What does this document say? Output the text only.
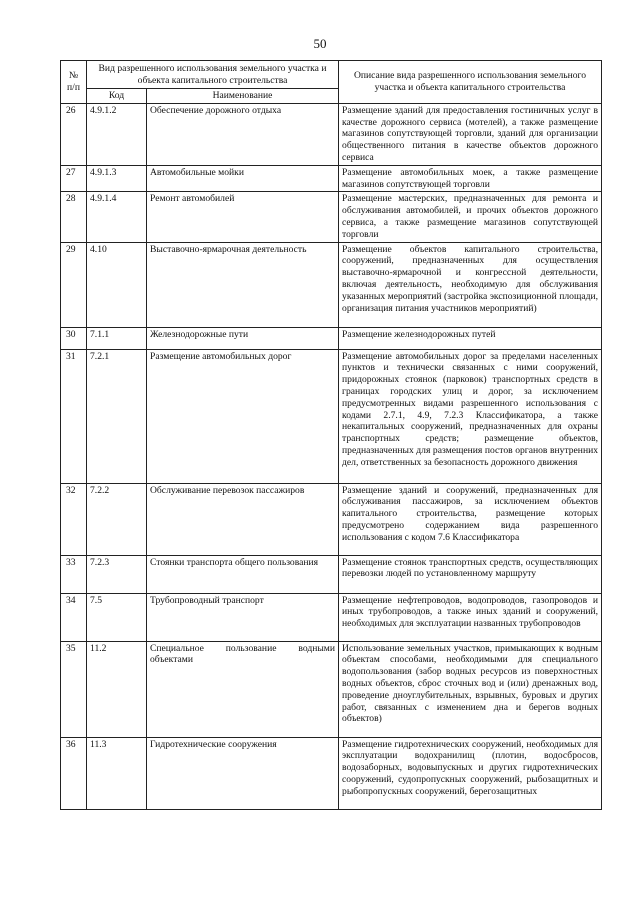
50
№ п/п	Вид разрешенного использования земельного участка и объекта капитального строительства		Описание вида разрешенного использования земельного участка и объекта капитального строительства
	Код	Наименование	
26	4.9.1.2	Обеспечение дорожного отдыха	Размещение зданий для предоставления гостиничных услуг в качестве дорожного сервиса (мотелей), а также размещение магазинов сопутствующей торговли, зданий для организации общественного питания в качестве объектов дорожного сервиса
27	4.9.1.3	Автомобильные мойки	Размещение автомобильных моек, а также размещение магазинов сопутствующей торговли
28	4.9.1.4	Ремонт автомобилей	Размещение мастерских, предназначенных для ремонта и обслуживания автомобилей, и прочих объектов дорожного сервиса, а также размещение магазинов сопутствующей торговли
29	4.10	Выставочно-ярмарочная деятельность	Размещение объектов капитального строительства, сооружений, предназначенных для осуществления выставочно-ярмарочной и конгрессной деятельности, включая деятельность, необходимую для обслуживания указанных мероприятий (застройка экспозиционной площади, организация питания участников мероприятий)
30	7.1.1	Железнодорожные пути	Размещение железнодорожных путей
31	7.2.1	Размещение автомобильных дорог	Размещение автомобильных дорог за пределами населенных пунктов и технически связанных с ними сооружений, придорожных стоянок (парковок) транспортных средств в границах городских улиц и дорог, за исключением предусмотренных видами разрешенного использования с кодами 2.7.1, 4.9, 7.2.3 Классификатора, а также некапитальных сооружений, предназначенных для охраны транспортных средств; размещение объектов, предназначенных для размещения постов органов внутренних дел, ответственных за безопасность дорожного движения
32	7.2.2	Обслуживание перевозок пассажиров	Размещение зданий и сооружений, предназначенных для обслуживания пассажиров, за исключением объектов капитального строительства, размещение которых предусмотрено содержанием вида разрешенного использования с кодом 7.6 Классификатора
33	7.2.3	Стоянки транспорта общего пользования	Размещение стоянок транспортных средств, осуществляющих перевозки людей по установленному маршруту
34	7.5	Трубопроводный транспорт	Размещение нефтепроводов, водопроводов, газопроводов и иных трубопроводов, а также иных зданий и сооружений, необходимых для эксплуатации названных трубопроводов
35	11.2	Специальное пользование водными объектами	Использование земельных участков, примыкающих к водным объектам способами, необходимыми для специального водопользования (забор водных ресурсов из поверхностных водных объектов, сброс сточных вод и (или) дренажных вод, проведение дноуглубительных, взрывных, буровых и других работ, связанных с изменением дна и берегов водных объектов)
36	11.3	Гидротехнические сооружения	Размещение гидротехнических сооружений, необходимых для эксплуатации водохранилищ (плотин, водосбросов, водозаборных, водовыпускных и других гидротехнических сооружений, судопропускных сооружений, рыбозащитных и рыбопропускных сооружений, берегозащитных
